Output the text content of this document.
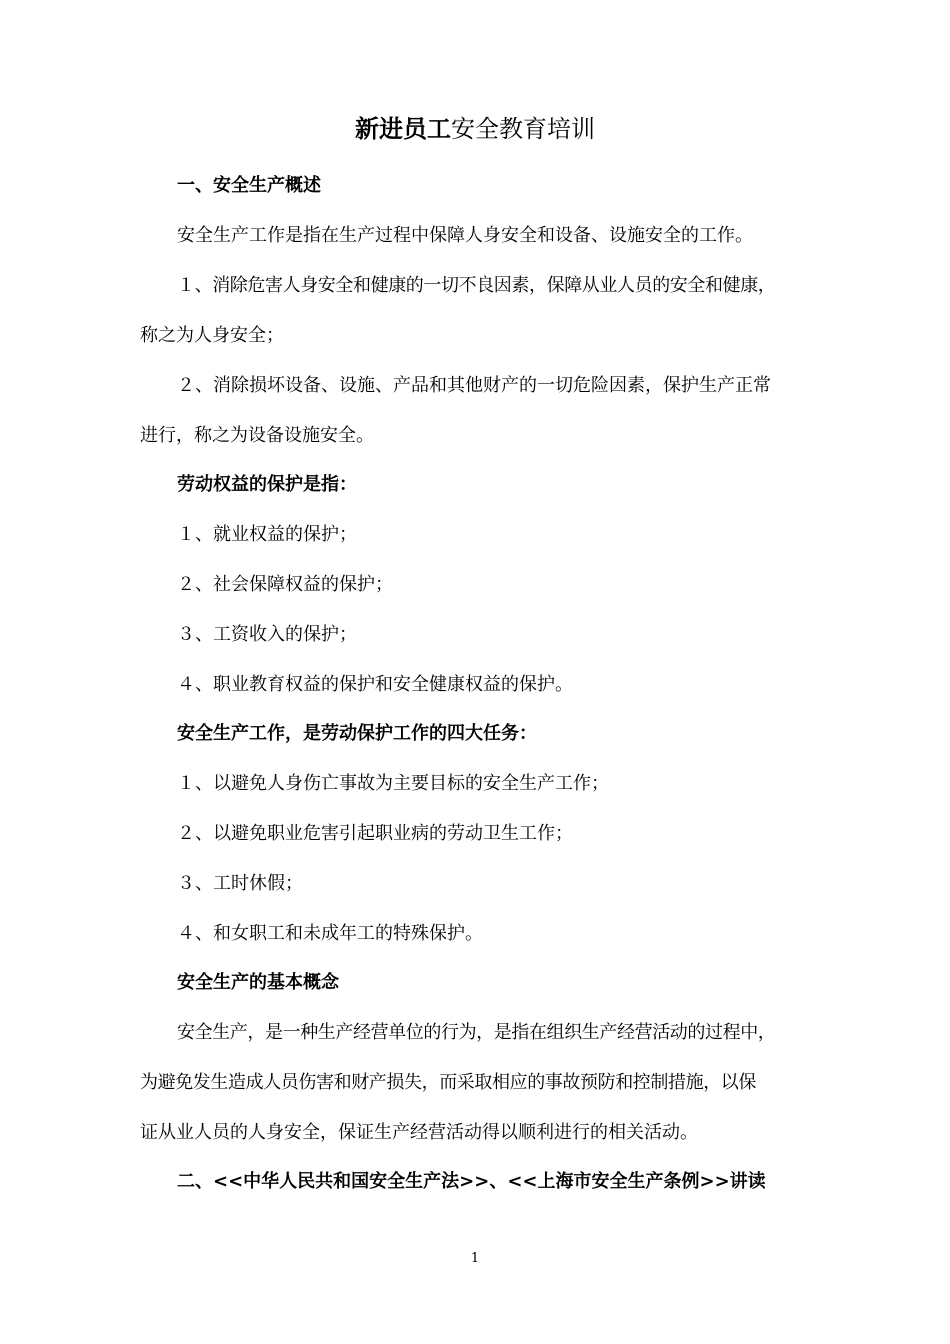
新进员工安全教育培训
一、安全生产概述
安全生产工作是指在生产过程中保障人身安全和设备、设施安全的工作。
１、消除危害人身安全和健康的一切不良因素，保障从业人员的安全和健康，
称之为人身安全；
２、消除损坏设备、设施、产品和其他财产的一切危险因素，保护生产正常
进行，称之为设备设施安全。
劳动权益的保护是指：
１、就业权益的保护；
２、社会保障权益的保护；
３、工资收入的保护；
４、职业教育权益的保护和安全健康权益的保护。
安全生产工作，是劳动保护工作的四大任务：
１、以避免人身伤亡事故为主要目标的安全生产工作；
２、以避免职业危害引起职业病的劳动卫生工作；
３、工时休假；
４、和女职工和未成年工的特殊保护。
安全生产的基本概念
安全生产，是一种生产经营单位的行为，是指在组织生产经营活动的过程中，
为避免发生造成人员伤害和财产损失，而采取相应的事故预防和控制措施，以保
证从业人员的人身安全，保证生产经营活动得以顺利进行的相关活动。
二、<<中华人民共和国安全生产法>>、<<上海市安全生产条例>>讲读
1
